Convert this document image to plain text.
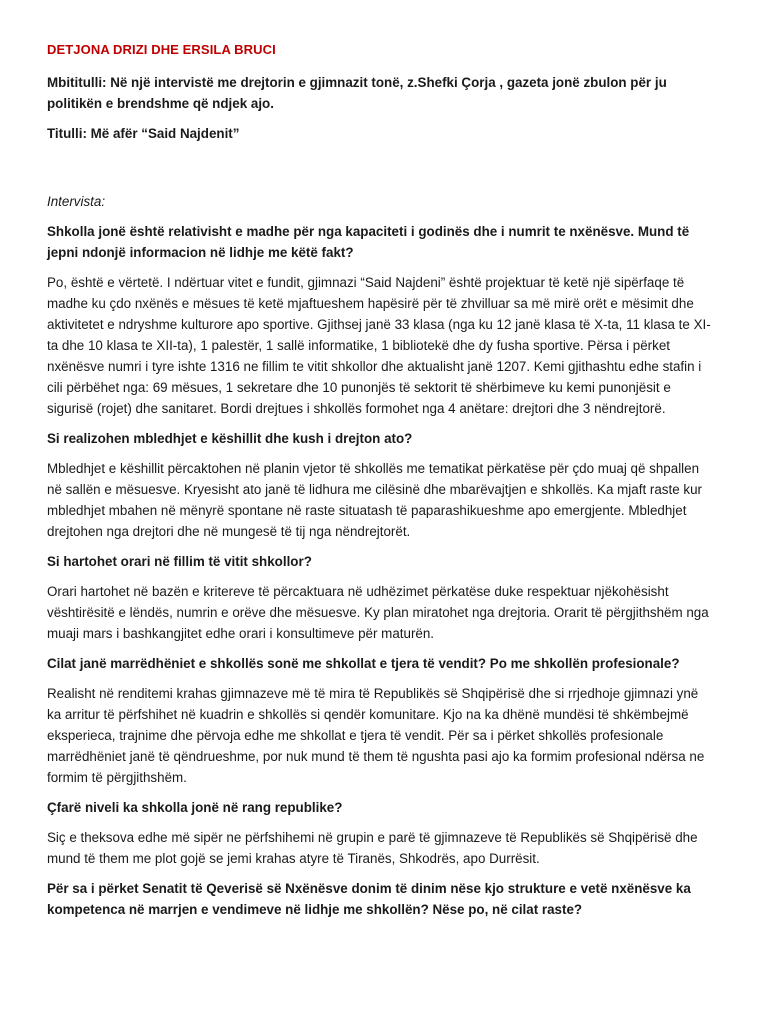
DETJONA DRIZI DHE ERSILA BRUCI
Mbititulli: Në një intervistë me drejtorin e gjimnazit tonë, z.Shefki Çorja , gazeta jonë zbulon për ju politikën e brendshme që ndjek ajo.
Titulli: Më afër “Said Najdenit”
Intervista:
Shkolla jonë është relativisht e madhe për nga kapaciteti i godinës dhe i numrit te nxënësve. Mund të jepni ndonjë informacion në lidhje me këtë fakt?
Po, është e vërtetë. I ndërtuar vitet e fundit, gjimnazi “Said Najdeni” është projektuar të ketë një sipërfaqe të madhe ku çdo nxënës e mësues të ketë mjaftueshem hapësirë për të zhvilluar sa më mirë orët e mësimit dhe aktivitetet e ndryshme kulturore apo sportive. Gjithsej janë 33 klasa (nga ku 12 janë klasa të X-ta, 11 klasa te XI-ta dhe 10 klasa te XII-ta), 1 palestër, 1 sallë informatike, 1 bibliotekë dhe dy fusha sportive. Përsa i përket nxënësve numri i tyre ishte 1316 ne fillim te vitit shkollor dhe aktualisht janë 1207. Kemi gjithashtu edhe stafin i cili përbëhet nga: 69 mësues, 1 sekretare dhe 10 punonjës të sektorit të shërbimeve ku kemi punonjësit e sigurisë (rojet) dhe sanitaret. Bordi drejtues i shkollës formohet nga 4 anëtare: drejtori dhe 3 nëndrejtorë.
Si realizohen mbledhjet e këshillit dhe kush i drejton ato?
Mbledhjet e këshillit përcaktohen në planin vjetor të shkollës me tematikat përkatëse për çdo muaj që shpallen në sallën e mësuesve. Kryesisht ato janë të lidhura me cilësinë dhe mbarëvajtjen e shkollës. Ka mjaft raste kur mbledhjet mbahen në mënyrë spontane në raste situatash të paparashikueshme apo emergjente. Mbledhjet drejtohen nga drejtori dhe në mungesë të tij nga nëndrejtorët.
Si hartohet orari në fillim të vitit shkollor?
Orari hartohet në bazën e kritereve të përcaktuara në udhëzimet përkatëse duke respektuar njëkohësisht vështirësitë e lëndës, numrin e orëve dhe mësuesve. Ky plan miratohet nga drejtoria. Orarit të përgjithshëm nga muaji mars i bashkangjitet edhe orari i konsultimeve për maturën.
Cilat janë marrëdhëniet e shkollës sonë me shkollat e tjera të vendit? Po me shkollën profesionale?
Realisht në renditemi krahas gjimnazeve më të mira të Republikës së Shqipërisë dhe si rrjedhoje gjimnazi ynë ka arritur të përfshihet në kuadrin e shkollës si qendër komunitare. Kjo na ka dhënë mundësi të shkëmbejmë eksperieca, trajnime dhe përvoja edhe me shkollat e tjera të vendit. Për sa i përket shkollës profesionale marrëdhëniet janë të qëndrueshme, por nuk mund të them të ngushta pasi ajo ka formim profesional ndërsa ne formim të përgjithshëm.
Çfarë niveli ka shkolla jonë në rang republike?
Siç e theksova edhe më sipër ne përfshihemi në grupin e parë të gjimnazeve të Republikës së Shqipërisë dhe mund të them me plot gojë se jemi krahas atyre të Tiranës, Shkodrës, apo Durrësit.
Për sa i përket Senatit të Qeverisë së Nxënësve donim të dinim nëse kjo strukture e vetë nxënësve ka kompetenca në marrjen e vendimeve në lidhje me shkollën? Nëse po, në cilat raste?
